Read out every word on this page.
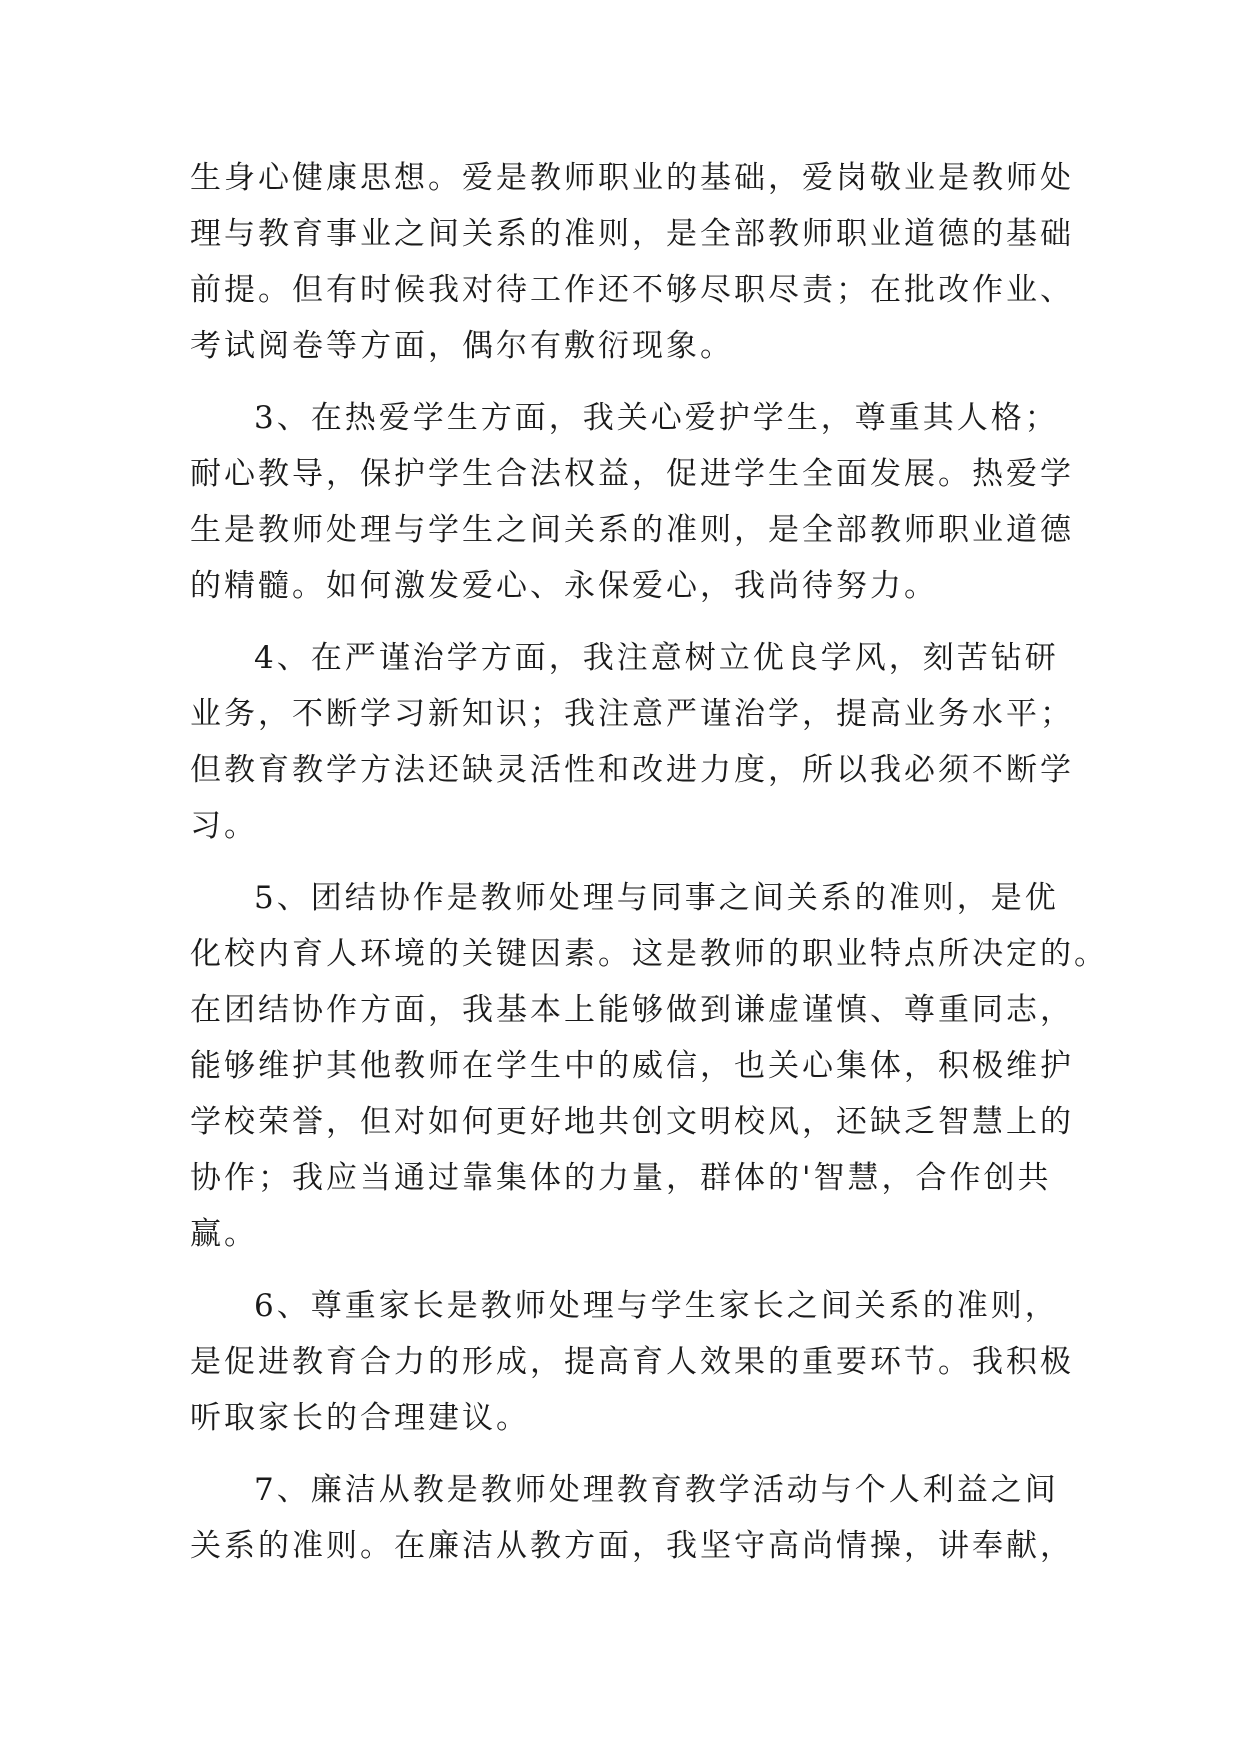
生身心健康思想。爱是教师职业的基础，爱岗敬业是教师处
理与教育事业之间关系的准则，是全部教师职业道德的基础
前提。但有时候我对待工作还不够尽职尽责；在批改作业、
考试阅卷等方面，偶尔有敷衍现象。
3、在热爱学生方面，我关心爱护学生，尊重其人格；
耐心教导，保护学生合法权益，促进学生全面发展。热爱学
生是教师处理与学生之间关系的准则，是全部教师职业道德
的精髓。如何激发爱心、永保爱心，我尚待努力。
4、在严谨治学方面，我注意树立优良学风，刻苦钻研
业务，不断学习新知识；我注意严谨治学，提高业务水平；
但教育教学方法还缺灵活性和改进力度，所以我必须不断学
习。
5、团结协作是教师处理与同事之间关系的准则，是优
化校内育人环境的关键因素。这是教师的职业特点所决定的。
在团结协作方面，我基本上能够做到谦虚谨慎、尊重同志，
能够维护其他教师在学生中的威信，也关心集体，积极维护
学校荣誉，但对如何更好地共创文明校风，还缺乏智慧上的
协作；我应当通过靠集体的力量，群体的'智慧，合作创共
赢。
6、尊重家长是教师处理与学生家长之间关系的准则，
是促进教育合力的形成，提高育人效果的重要环节。我积极
听取家长的合理建议。
7、廉洁从教是教师处理教育教学活动与个人利益之间
关系的准则。在廉洁从教方面，我坚守高尚情操，讲奉献，
